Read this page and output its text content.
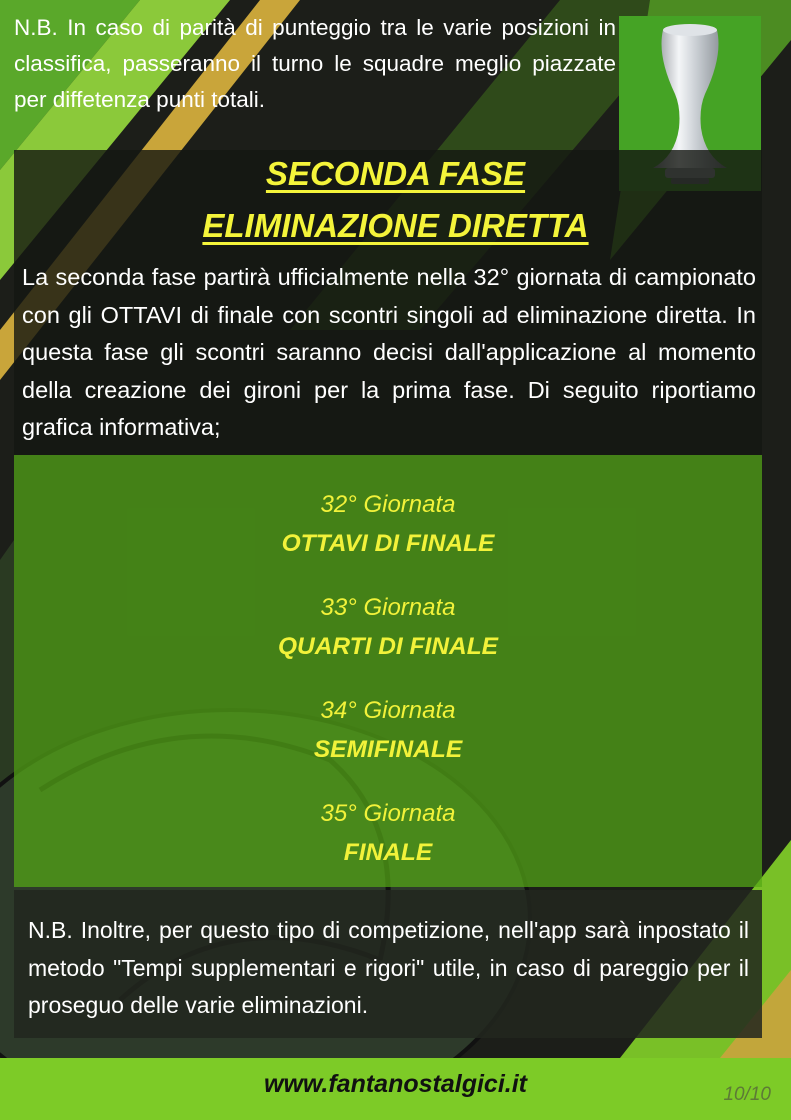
N.B. In caso di parità di punteggio tra le varie posizioni in classifica, passeranno il turno le squadre meglio piazzate per diffetenza punti totali.
SECONDA FASE
ELIMINAZIONE DIRETTA
La seconda fase partirà ufficialmente nella 32° giornata di campionato con gli OTTAVI di finale con scontri singoli ad eliminazione diretta. In questa fase gli scontri saranno decisi dall'applicazione al momento della creazione dei gironi per la prima fase. Di seguito riportiamo grafica informativa;
32° Giornata
OTTAVI DI FINALE
33° Giornata
QUARTI DI FINALE
34° Giornata
SEMIFINALE
35° Giornata
FINALE
N.B. Inoltre, per questo tipo di competizione, nell'app sarà inpostato il metodo "Tempi supplementari e rigori" utile, in caso di pareggio per il proseguo delle varie eliminazioni.
www.fantanostalgici.it	10/10
